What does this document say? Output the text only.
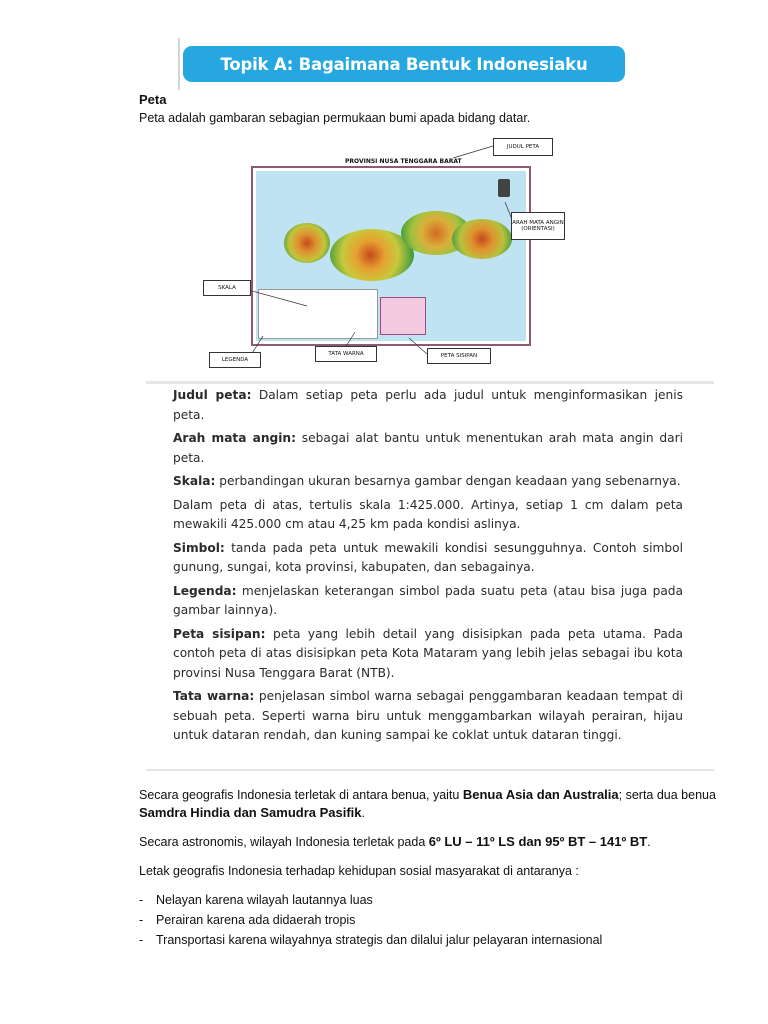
Topik A: Bagaimana Bentuk Indonesiaku
Peta
Peta adalah gambaran sebagian permukaan bumi apada bidang datar.
PROVINSI NUSA TENGGARA BARAT
JUDUL PETA
ARAH MATA ANGIN (ORIENTASI)
SKALA
LEGENDA
TATA WARNA	PETA SISIPAN

Judul peta: Dalam setiap peta perlu ada judul untuk menginformasikan jenis peta.

Arah mata angin: sebagai alat bantu untuk menentukan arah mata angin dari peta.

Skala: perbandingan ukuran besarnya gambar dengan keadaan yang sebenarnya.

Dalam peta di atas, tertulis skala 1:425.000. Artinya, setiap 1 cm dalam peta mewakili 425.000 cm atau 4,25 km pada kondisi aslinya.

Simbol: tanda pada peta untuk mewakili kondisi sesungguhnya. Contoh simbol gunung, sungai, kota provinsi, kabupaten, dan sebagainya.

Legenda: menjelaskan keterangan simbol pada suatu peta (atau bisa juga pada gambar lainnya).

Peta sisipan: peta yang lebih detail yang disisipkan pada peta utama. Pada contoh peta di atas disisipkan peta Kota Mataram yang lebih jelas sebagai ibu kota provinsi Nusa Tenggara Barat (NTB).

Tata warna: penjelasan simbol warna sebagai penggambaran keadaan tempat di sebuah peta. Seperti warna biru untuk menggambarkan wilayah perairan, hijau untuk dataran rendah, dan kuning sampai ke coklat untuk dataran tinggi.

Secara geografis Indonesia terletak di antara benua, yaitu Benua Asia dan Australia; serta dua benua Samdra Hindia dan Samudra Pasifik.
Secara astronomis, wilayah Indonesia terletak pada 6º LU – 11º LS dan 95º BT – 141º BT.
Letak geografis Indonesia terhadap kehidupan sosial masyarakat di antaranya :
-	Nelayan karena wilayah lautannya luas
-	Perairan karena ada didaerah tropis
-	Transportasi karena wilayahnya strategis dan dilalui jalur pelayaran internasional
